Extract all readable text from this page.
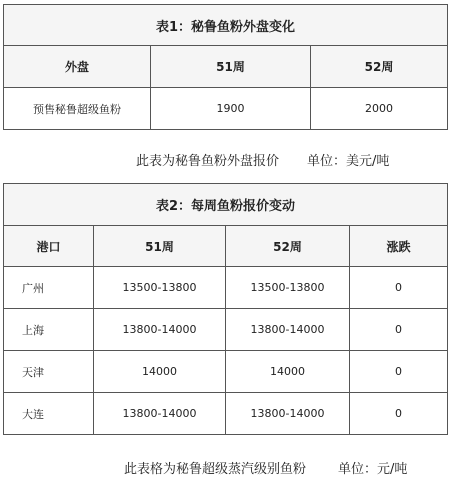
表1：秘鲁鱼粉外盘变化		
外盘	51周	52周
预售秘鲁超级鱼粉	1900	2000
此表为秘鲁鱼粉外盘报价 单位：美元/吨
表2：每周鱼粉报价变动			
港口	51周	52周	涨跌
广州	13500-13800	13500-13800	0
上海	13800-14000	13800-14000	0
天津	14000	14000	0
大连	13800-14000	13800-14000	0
此表格为秘鲁超级蒸汽级别鱼粉 单位：元/吨
